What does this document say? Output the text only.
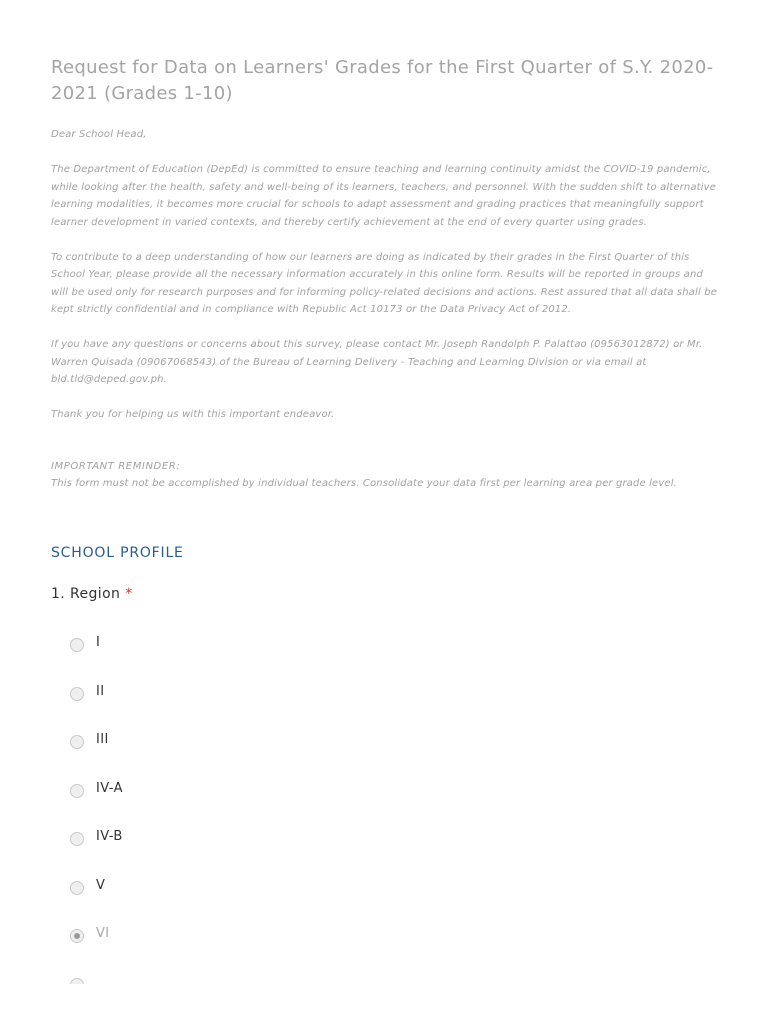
Request for Data on Learners' Grades for the First Quarter of S.Y. 2020-2021 (Grades 1-10)

Dear School Head,

The Department of Education (DepEd) is committed to ensure teaching and learning continuity amidst the COVID-19 pandemic, while looking after the health, safety and well-being of its learners, teachers, and personnel. With the sudden shift to alternative learning modalities, it becomes more crucial for schools to adapt assessment and grading practices that meaningfully support learner development in varied contexts, and thereby certify achievement at the end of every quarter using grades.

To contribute to a deep understanding of how our learners are doing as indicated by their grades in the First Quarter of this School Year, please provide all the necessary information accurately in this online form. Results will be reported in groups and will be used only for research purposes and for informing policy-related decisions and actions. Rest assured that all data shall be kept strictly confidential and in compliance with Republic Act 10173 or the Data Privacy Act of 2012.

If you have any questions or concerns about this survey, please contact Mr. Joseph Randolph P. Palattao (09563012872) or Mr. Warren Quisada (09067068543) of the Bureau of Learning Delivery - Teaching and Learning Division or via email at bld.tld@deped.gov.ph.

Thank you for helping us with this important endeavor.

IMPORTANT REMINDER:
This form must not be accomplished by individual teachers. Consolidate your data first per learning area per grade level.
SCHOOL PROFILE
1. Region *
I
II
III
IV-A
IV-B
V
VI
